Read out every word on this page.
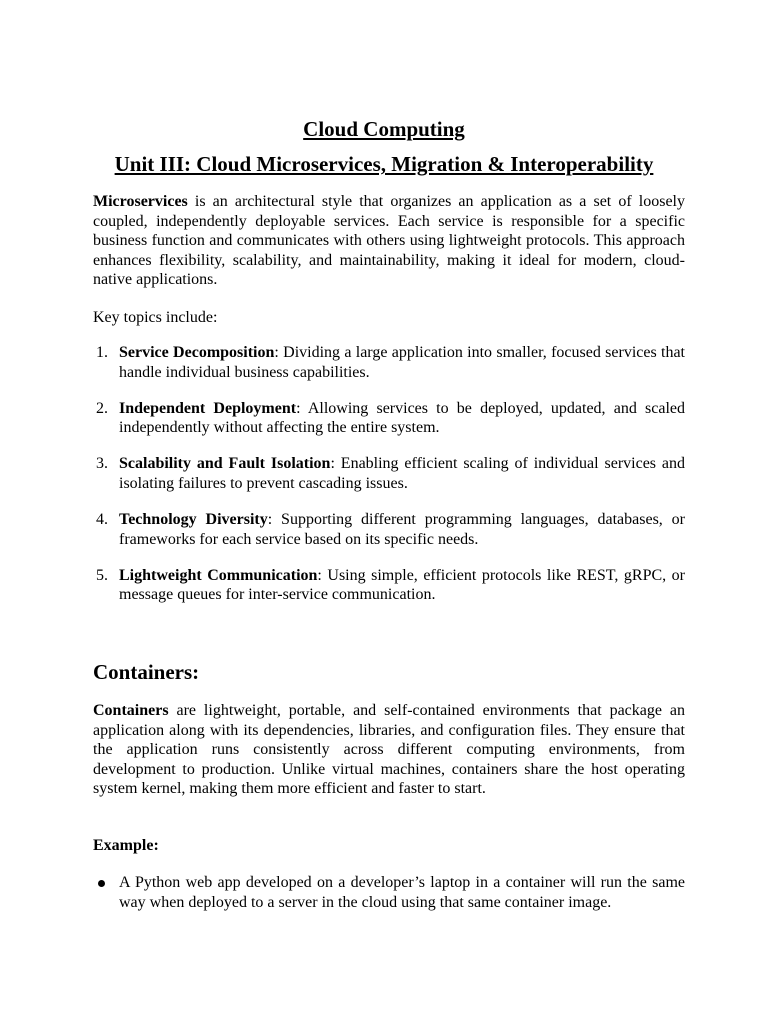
Cloud Computing
Unit III: Cloud Microservices, Migration & Interoperability

Microservices is an architectural style that organizes an application as a set of loosely coupled, independently deployable services. Each service is responsible for a specific business function and communicates with others using lightweight protocols. This approach enhances flexibility, scalability, and maintainability, making it ideal for modern, cloud-native applications.

Key topics include:

1. Service Decomposition: Dividing a large application into smaller, focused services that handle individual business capabilities.
2. Independent Deployment: Allowing services to be deployed, updated, and scaled independently without affecting the entire system.
3. Scalability and Fault Isolation: Enabling efficient scaling of individual services and isolating failures to prevent cascading issues.
4. Technology Diversity: Supporting different programming languages, databases, or frameworks for each service based on its specific needs.
5. Lightweight Communication: Using simple, efficient protocols like REST, gRPC, or message queues for inter-service communication.
Containers:

Containers are lightweight, portable, and self-contained environments that package an application along with its dependencies, libraries, and configuration files. They ensure that the application runs consistently across different computing environments, from development to production. Unlike virtual machines, containers share the host operating system kernel, making them more efficient and faster to start.

Example:

A Python web app developed on a developer’s laptop in a container will run the same way when deployed to a server in the cloud using that same container image.
